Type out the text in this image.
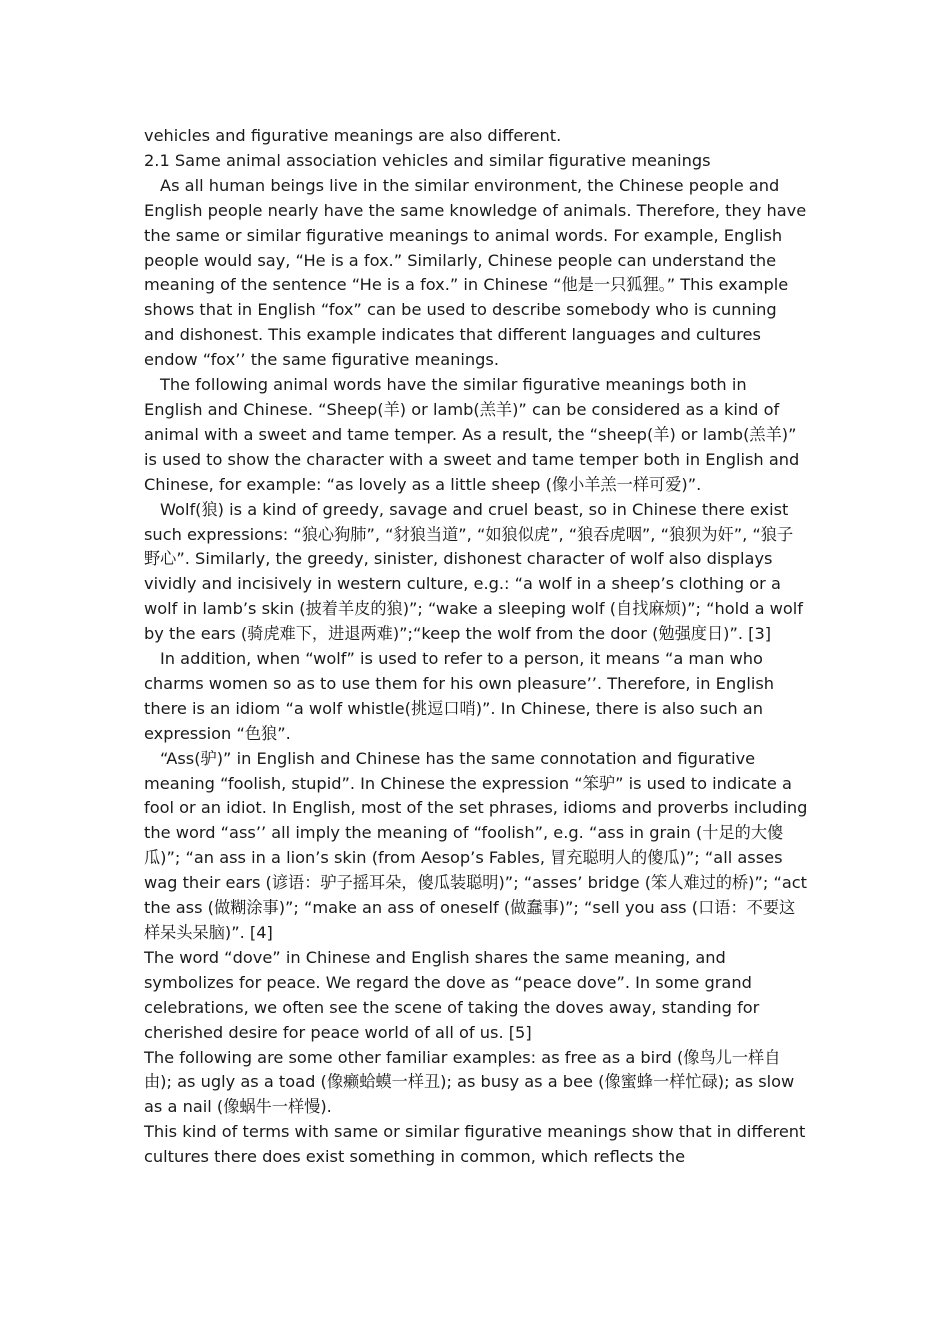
vehicles and figurative meanings are also different.

2.1 Same animal association vehicles and similar figurative meanings

As all human beings live in the similar environment, the Chinese people and English people nearly have the same knowledge of animals. Therefore, they have the same or similar figurative meanings to animal words. For example, English people would say, “He is a fox.” Similarly, Chinese people can understand the meaning of the sentence “He is a fox.” in Chinese “他是一只狐狸。” This example shows that in English “fox” can be used to describe somebody who is cunning and dishonest. This example indicates that different languages and cultures endow “fox’’ the same figurative meanings.

The following animal words have the similar figurative meanings both in English and Chinese. “Sheep(羊) or lamb(羔羊)” can be considered as a kind of animal with a sweet and tame temper. As a result, the “sheep(羊) or lamb(羔羊)” is used to show the character with a sweet and tame temper both in English and Chinese, for example: “as lovely as a little sheep (像小羊羔一样可爱)”.

Wolf(狼) is a kind of greedy, savage and cruel beast, so in Chinese there exist such expressions: “狼心狗肺”, “豺狼当道”, “如狼似虎”, “狼吞虎咽”, “狼狈为奸”, “狼子野心”. Similarly, the greedy, sinister, dishonest character of wolf also displays vividly and incisively in western culture, e.g.: “a wolf in a sheep’s clothing or a wolf in lamb’s skin (披着羊皮的狼)”; “wake a sleeping wolf (自找麻烦)”; “hold a wolf by the ears (骑虎难下，进退两难)”;“keep the wolf from the door (勉强度日)”. [3]

In addition, when “wolf” is used to refer to a person, it means “a man who charms women so as to use them for his own pleasure’’. Therefore, in English there is an idiom “a wolf whistle(挑逗口哨)”. In Chinese, there is also such an expression “色狼”.

“Ass(驴)” in English and Chinese has the same connotation and figurative meaning “foolish, stupid”. In Chinese the expression “笨驴” is used to indicate a fool or an idiot. In English, most of the set phrases, idioms and proverbs including the word “ass’’ all imply the meaning of “foolish”, e.g. “ass in grain (十足的大傻瓜)”; “an ass in a lion’s skin (from Aesop’s Fables, 冒充聪明人的傻瓜)”; “all asses wag their ears (谚语：驴子摇耳朵，傻瓜装聪明)”; “asses’ bridge (笨人难过的桥)”; “act the ass (做糊涂事)”; “make an ass of oneself (做蠢事)”; “sell you ass (口语：不要这样呆头呆脑)”. [4]

The word “dove” in Chinese and English shares the same meaning, and symbolizes for peace. We regard the dove as “peace dove”. In some grand celebrations, we often see the scene of taking the doves away, standing for cherished desire for peace world of all of us. [5]

The following are some other familiar examples: as free as a bird (像鸟儿一样自由); as ugly as a toad (像癞蛤蟆一样丑); as busy as a bee (像蜜蜂一样忙碌); as slow as a nail (像蜗牛一样慢).

This kind of terms with same or similar figurative meanings show that in different cultures there does exist something in common, which reflects the
